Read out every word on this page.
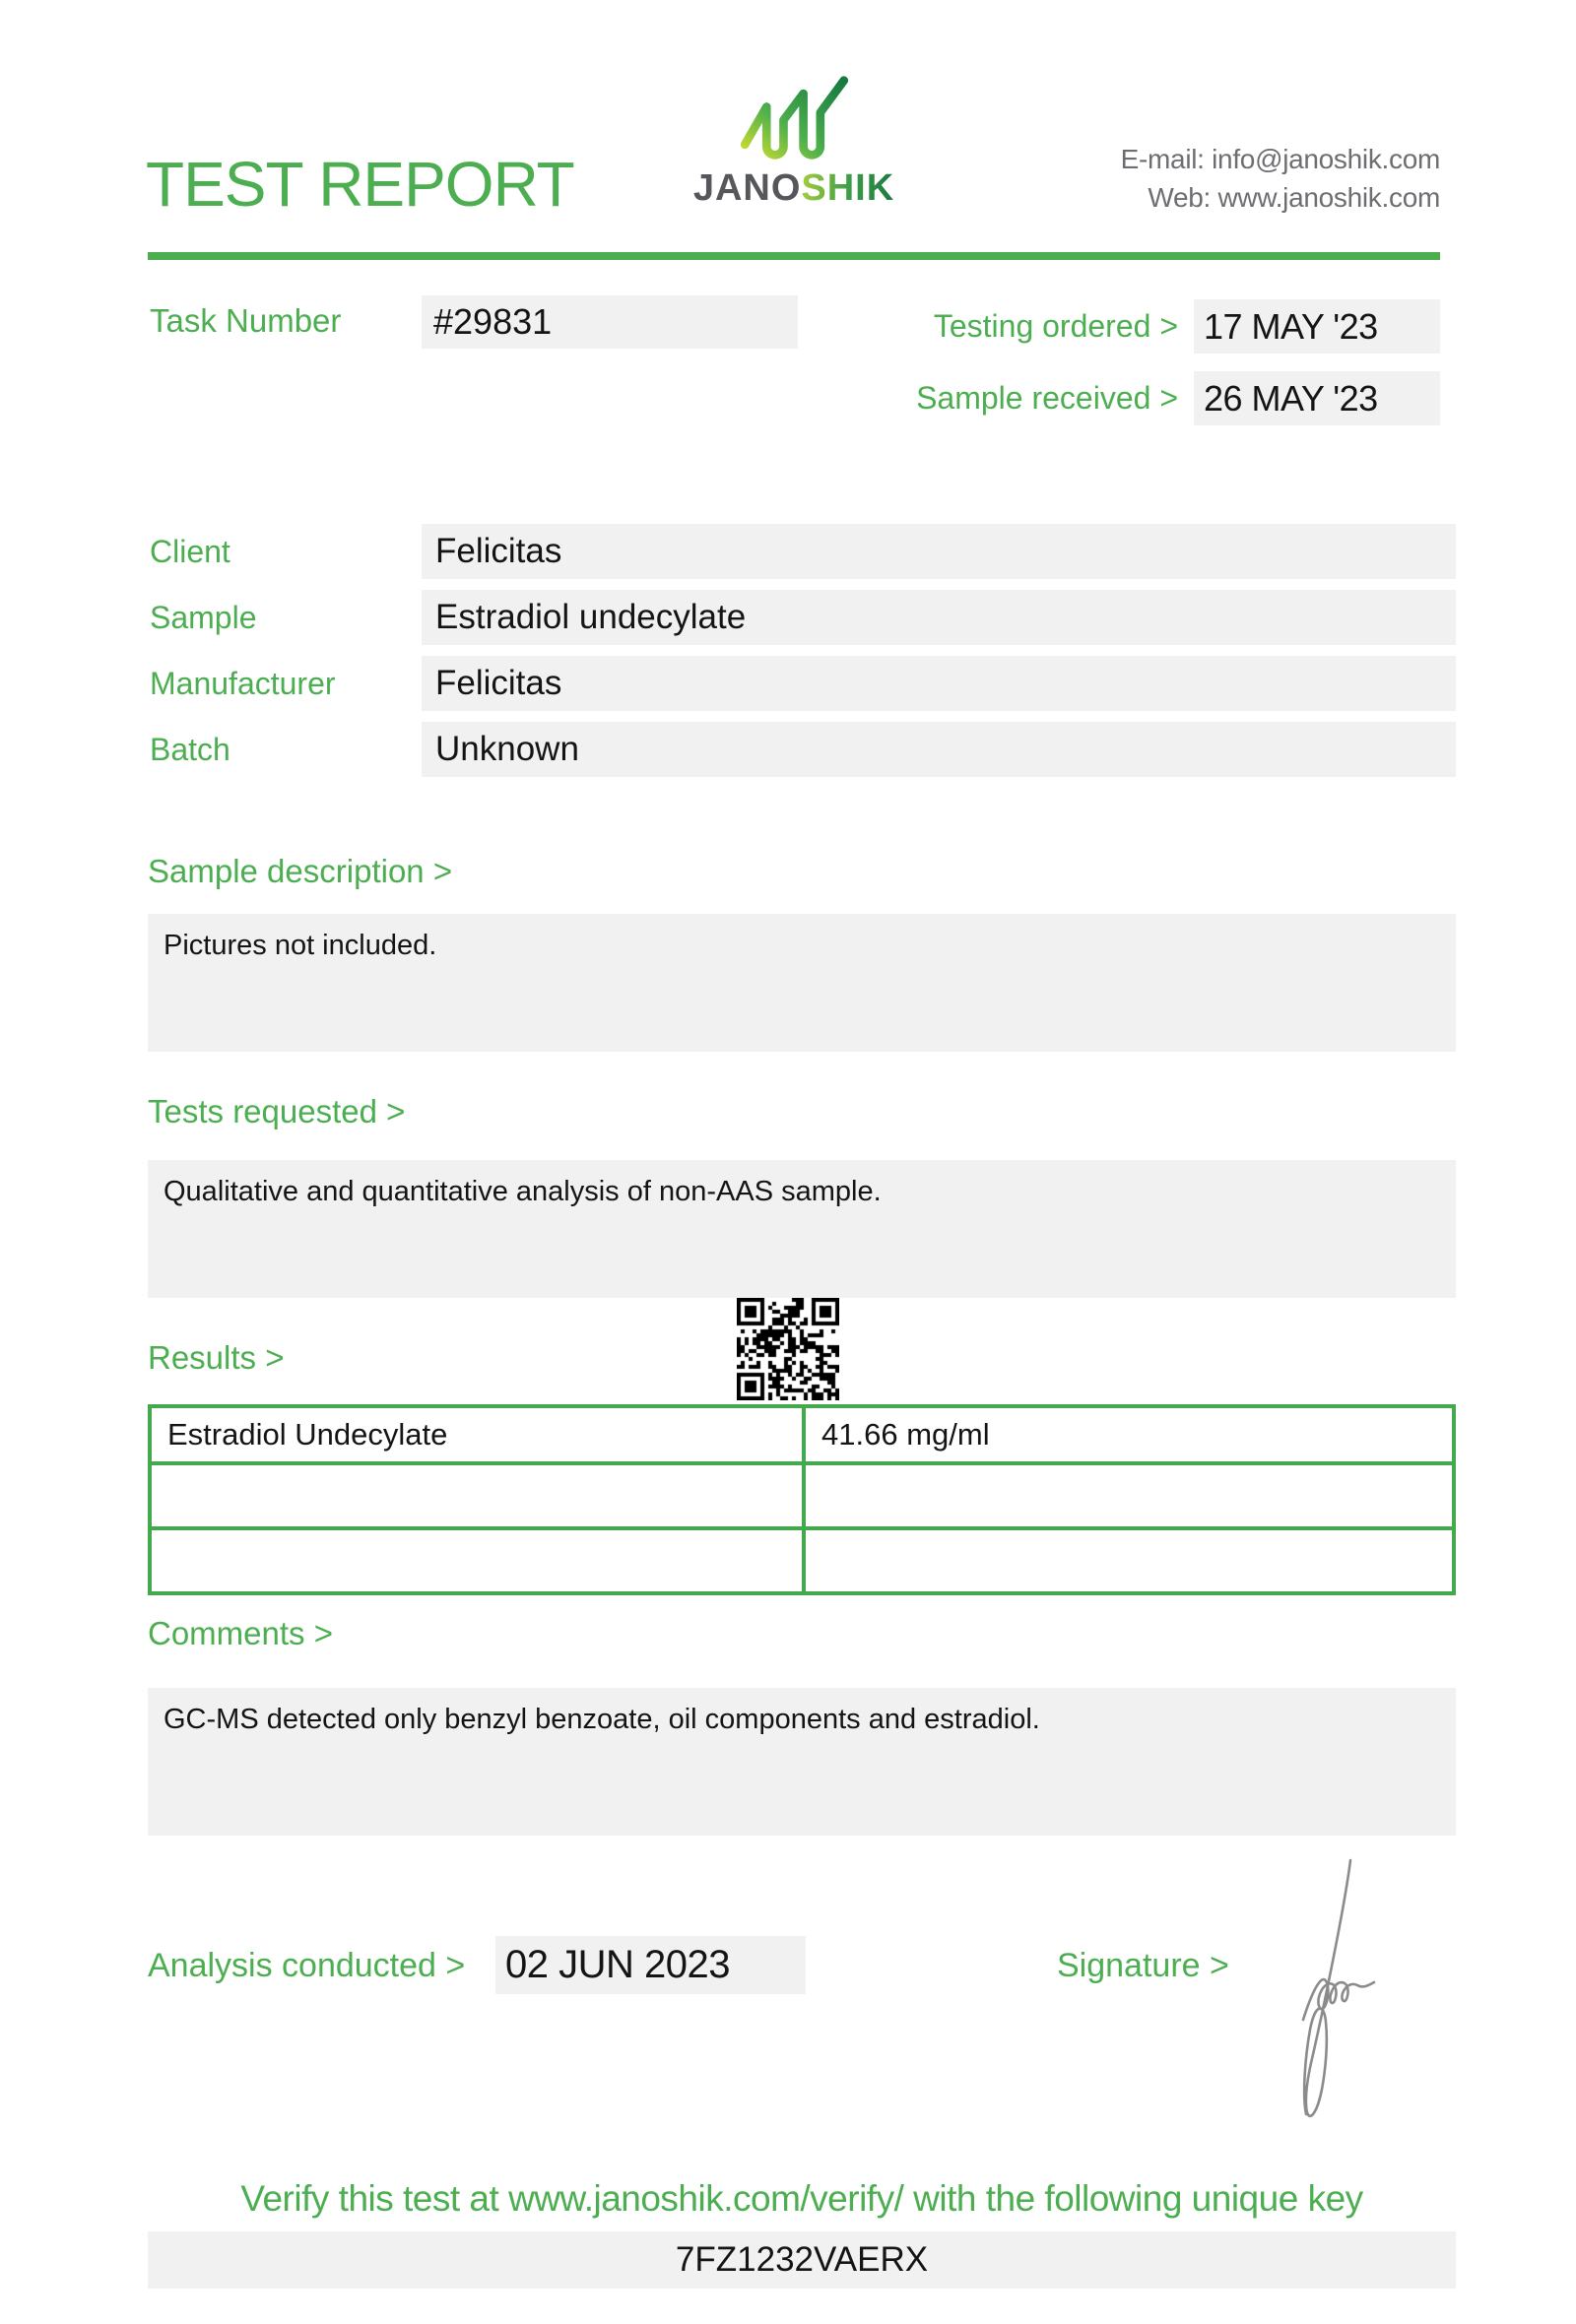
TEST REPORT	JANOSHIK
E-mail: info@janoshik.com
Web: www.janoshik.com
Task Number	#29831	Testing ordered > 17 MAY '23
Sample received > 26 MAY '23
Client	Felicitas
Sample	Estradiol undecylate
Manufacturer	Felicitas
Batch	Unknown
Sample description >
Pictures not included.
Tests requested >
Qualitative and quantitative analysis of non-AAS sample.
Results >
Estradiol Undecylate	41.66 mg/ml
Comments >
GC-MS detected only benzyl benzoate, oil components and estradiol.
Analysis conducted > 02 JUN 2023	Signature >
Verify this test at www.janoshik.com/verify/ with the following unique key
7FZ1232VAERX
